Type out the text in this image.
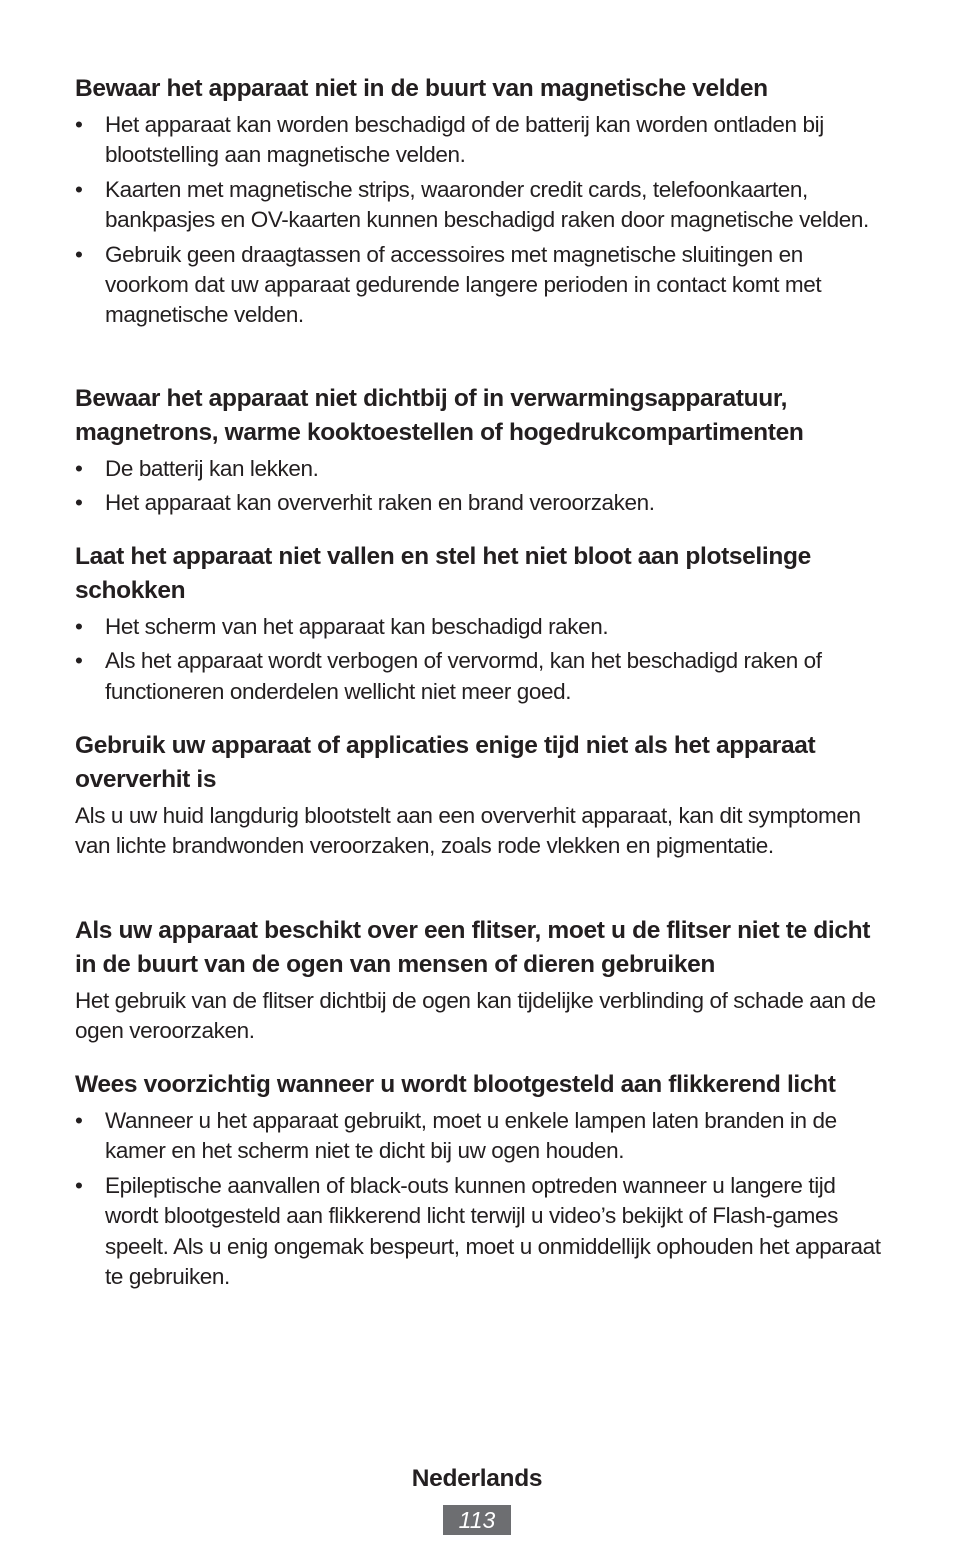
Bewaar het apparaat niet in de buurt van magnetische velden
• Het apparaat kan worden beschadigd of de batterij kan worden ontladen bij blootstelling aan magnetische velden.
• Kaarten met magnetische strips, waaronder credit cards, telefoonkaarten, bankpasjes en OV-kaarten kunnen beschadigd raken door magnetische velden.
• Gebruik geen draagtassen of accessoires met magnetische sluitingen en voorkom dat uw apparaat gedurende langere perioden in contact komt met magnetische velden.
Bewaar het apparaat niet dichtbij of in verwarmingsapparatuur, magnetrons, warme kooktoestellen of hogedrukcompartimenten
• De batterij kan lekken.
• Het apparaat kan oververhit raken en brand veroorzaken.
Laat het apparaat niet vallen en stel het niet bloot aan plotselinge schokken
• Het scherm van het apparaat kan beschadigd raken.
• Als het apparaat wordt verbogen of vervormd, kan het beschadigd raken of functioneren onderdelen wellicht niet meer goed.
Gebruik uw apparaat of applicaties enige tijd niet als het apparaat oververhit is

Als u uw huid langdurig blootstelt aan een oververhit apparaat, kan dit symptomen van lichte brandwonden veroorzaken, zoals rode vlekken en pigmentatie.

Als uw apparaat beschikt over een flitser, moet u de flitser niet te dicht in de buurt van de ogen van mensen of dieren gebruiken

Het gebruik van de flitser dichtbij de ogen kan tijdelijke verblinding of schade aan de ogen veroorzaken.

Wees voorzichtig wanneer u wordt blootgesteld aan flikkerend licht
• Wanneer u het apparaat gebruikt, moet u enkele lampen laten branden in de kamer en het scherm niet te dicht bij uw ogen houden.
• Epileptische aanvallen of black-outs kunnen optreden wanneer u langere tijd wordt blootgesteld aan flikkerend licht terwijl u video’s bekijkt of Flash-games speelt. Als u enig ongemak bespeurt, moet u onmiddellijk ophouden het apparaat te gebruiken.
Nederlands
113
